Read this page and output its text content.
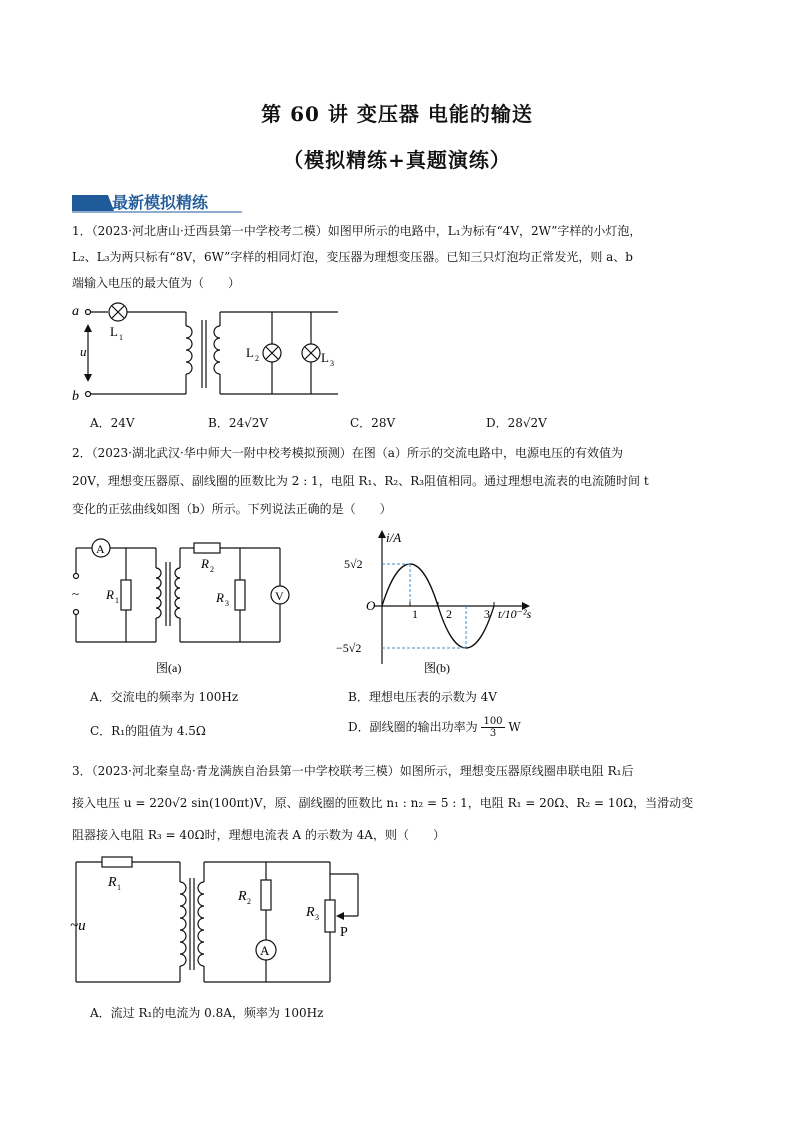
第 60 讲 变压器 电能的输送
（模拟精练+真题演练）
最新模拟精练
1．（2023·河北唐山·迁西县第一中学校考二模）如图甲所示的电路中，L₁为标有“4V，2W”字样的小灯泡，
L₂、L₃为两只标有“8V，6W”字样的相同灯泡，变压器为理想变压器。已知三只灯泡均正常发光，则 a、b
端输入电压的最大值为（　　）
a
b
u
L 1
L 2	L 3
A．24V	B．24√2V	C．28V	D．28√2V
2．（2023·湖北武汉·华中师大一附中校考模拟预测）在图（a）所示的交流电路中，电源电压的有效值为
20V，理想变压器原、副线圈的匝数比为 2 : 1，电阻 R₁、R₂、R₃阻值相同。通过理想电流表的电流随时间 t
变化的正弦曲线如图（b）所示。下列说法正确的是（　　）
A
V
~ R 1
R 2
R 3
图(a)
i/A
5√2
−5√2
O
1 2	3 t/10⁻²s
图(b)
A．交流电的频率为 100Hz	B．理想电压表的示数为 4V
C．R₁的阻值为 4.5Ω	D．副线圈的输出功率为 $\frac{100}{3}$ W
3．（2023·河北秦皇岛·青龙满族自治县第一中学校联考三模）如图所示，理想变压器原线圈串联电阻 R₁后
接入电压 u = 220√2 sin(100πt)V，原、副线圈的匝数比 n₁ : n₂ = 5 : 1，电阻 R₁ = 20Ω、R₂ = 10Ω，当滑动变
阻器接入电阻 R₃ = 40Ω时，理想电流表 A 的示数为 4A，则（　　）
R 1
R 2
R 3
A
P
~u
A．流过 R₁的电流为 0.8A，频率为 100Hz
